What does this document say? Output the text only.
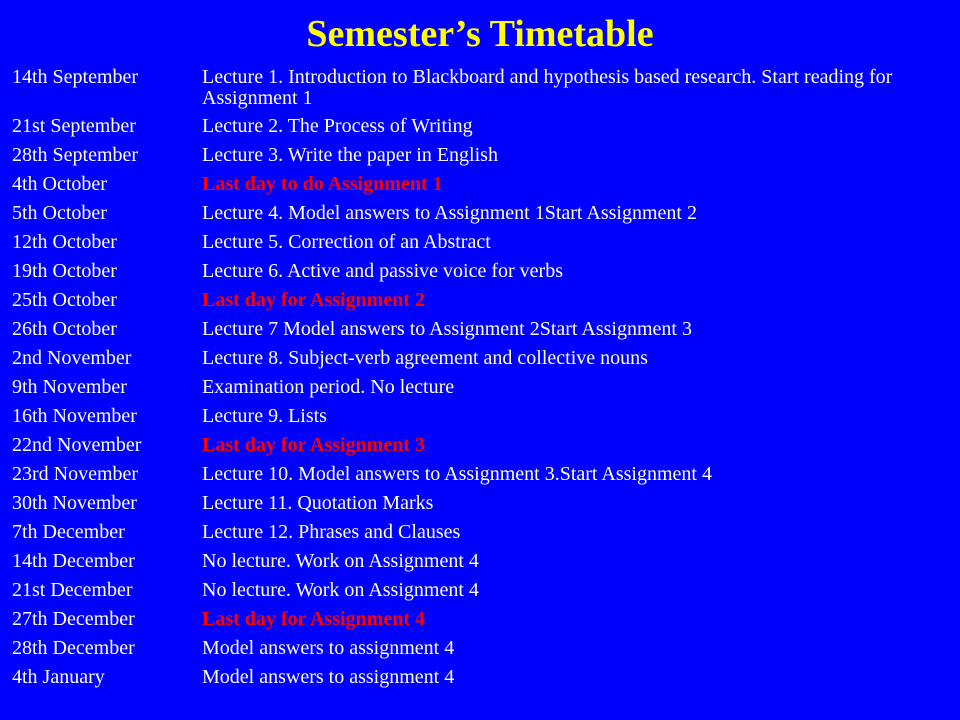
Semester’s Timetable
14th September	Lecture 1. Introduction to Blackboard and hypothesis based research. Start reading for Assignment 1
21st September	Lecture 2. The Process of Writing
28th September	Lecture 3. Write the paper in English
4th October	Last day to do Assignment 1
5th October	Lecture 4. Model answers to Assignment 1Start Assignment 2
12th October	Lecture 5. Correction of an Abstract
19th October	Lecture 6. Active and passive voice for verbs
25th October	Last day for Assignment 2
26th October	Lecture 7 Model answers to Assignment 2Start Assignment 3
2nd November	Lecture 8. Subject-verb agreement and collective nouns
9th November	Examination period. No lecture
16th November	Lecture 9. Lists
22nd November	Last day for Assignment 3
23rd November	Lecture 10. Model answers to Assignment 3.Start Assignment 4
30th November	Lecture 11. Quotation Marks
7th December	Lecture 12. Phrases and Clauses
14th December	No lecture. Work on Assignment 4
21st December	No lecture. Work on Assignment 4
27th December	Last day for Assignment 4
28th December	Model answers to assignment 4
4th January	Model answers to assignment 4
